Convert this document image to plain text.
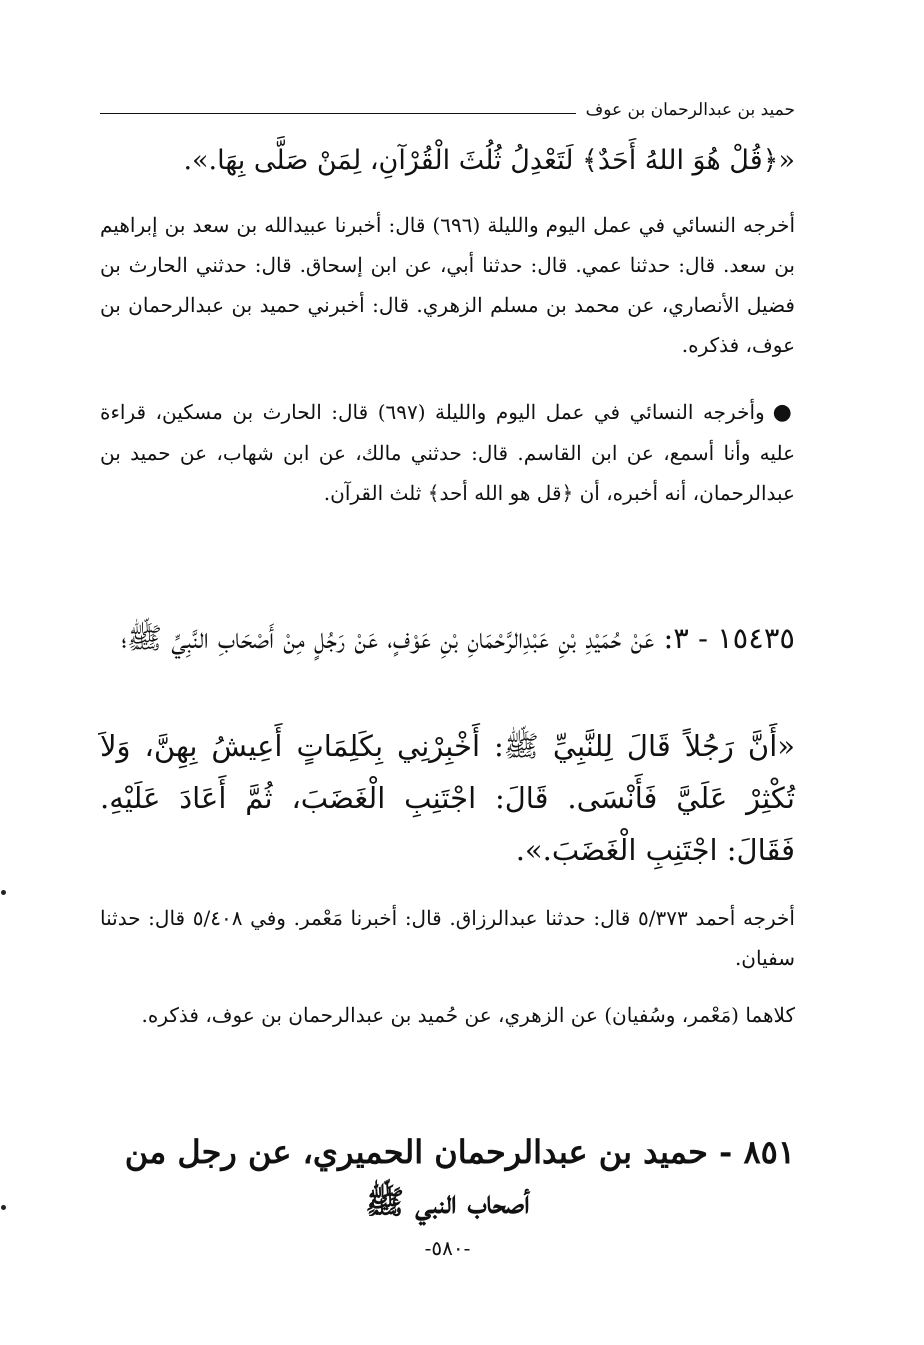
حميد بن عبدالرحمان بن عوف
«﴿قُلْ هُوَ اللهُ أَحَدٌ﴾ لَتَعْدِلُ ثُلُثَ الْقُرْآنِ، لِمَنْ صَلَّى بِهَا.».
أخرجه النسائي في عمل اليوم والليلة (٦٩٦) قال: أخبرنا عبيدالله بن سعد بن إبراهيم بن سعد. قال: حدثنا عمي. قال: حدثنا أبي، عن ابن إسحاق. قال: حدثني الحارث بن فضيل الأنصاري، عن محمد بن مسلم الزهري. قال: أخبرني حميد بن عبدالرحمان بن عوف، فذكره.
●وأخرجه النسائي في عمل اليوم والليلة (٦٩٧) قال: الحارث بن مسكين، قراءة عليه وأنا أسمع، عن ابن القاسم. قال: حدثني مالك، عن ابن شهاب، عن حميد بن عبدالرحمان، أنه أخبره، أن ﴿قل هو الله أحد﴾ ثلث القرآن.
١٥٤٣٥ - ٣: عَنْ حُمَيْدِ بْنِ عَبْدِالرَّحْمَانِ بْنِ عَوْفٍ، عَنْ رَجُلٍ مِنْ أَصْحَابِ النَّبِيِّ ﷺ؛
«أَنَّ رَجُلاً قَالَ لِلنَّبِيِّ ﷺ: أَخْبِرْنِي بِكَلِمَاتٍ أَعِيشُ بِهِنَّ، وَلاَ تُكْثِرْ عَلَيَّ فَأَنْسَى. قَالَ: اجْتَنِبِ الْغَضَبَ، ثُمَّ أَعَادَ عَلَيْهِ. فَقَالَ: اجْتَنِبِ الْغَضَبَ.».
أخرجه أحمد ٥/٣٧٣ قال: حدثنا عبدالرزاق. قال: أخبرنا مَعْمر. وفي ٥/٤٠٨ قال: حدثنا سفيان.
كلاهما (مَعْمر، وسُفيان) عن الزهري، عن حُميد بن عبدالرحمان بن عوف، فذكره.
٨٥١ - حميد بن عبدالرحمان الحميري، عن رجل من
أصحاب النبي ﷺ
-٥٨٠-
